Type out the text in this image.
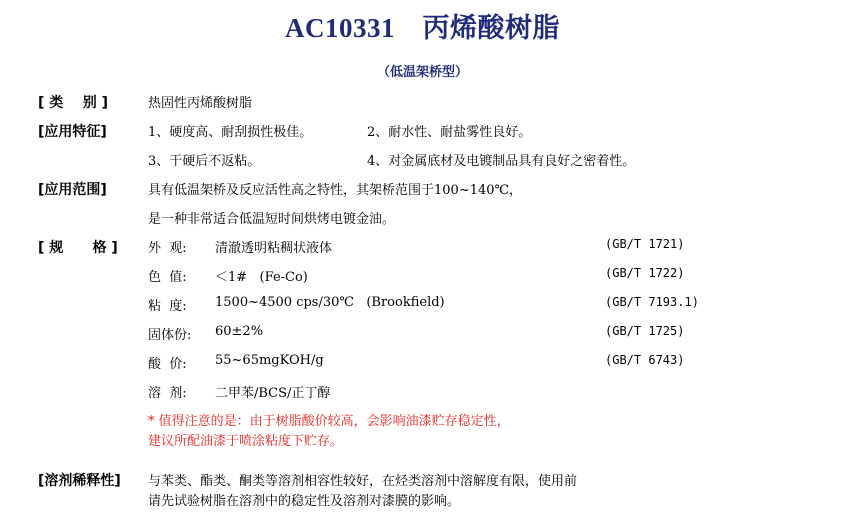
AC10331　丙烯酸树脂
（低温架桥型）
[ 类    别 ]	热固性丙烯酸树脂
[应用特征]	1、硬度高、耐刮损性极佳。	2、耐水性、耐盐雾性良好。
3、干硬后不返粘。	4、对金属底材及电镀制品具有良好之密着性。
[应用范围]	具有低温架桥及反应活性高之特性，其架桥范围于100~140℃，
是一种非常适合低温短时间烘烤电镀金油。
[ 规      格 ] 外  观: 清澈透明粘稠状液体	(GB/T 1721)
色  值: ＜1#   (Fe-Co)	(GB/T 1722)
粘  度: 1500~4500 cps/30℃   (Brookfield)	(GB/T 7193.1)
固体份: 60±2%	(GB/T 1725)
酸  价: 55~65mgKOH/g	(GB/T 6743)
溶  剂: 二甲苯/BCS/正丁醇
* 值得注意的是：由于树脂酸价较高，会影响油漆贮存稳定性，
建议所配油漆于喷涂粘度下贮存。
[溶剂稀释性] 与苯类、酯类、酮类等溶剂相容性较好，在烃类溶剂中溶解度有限，使用前
请先试验树脂在溶剂中的稳定性及溶剂对漆膜的影响。
